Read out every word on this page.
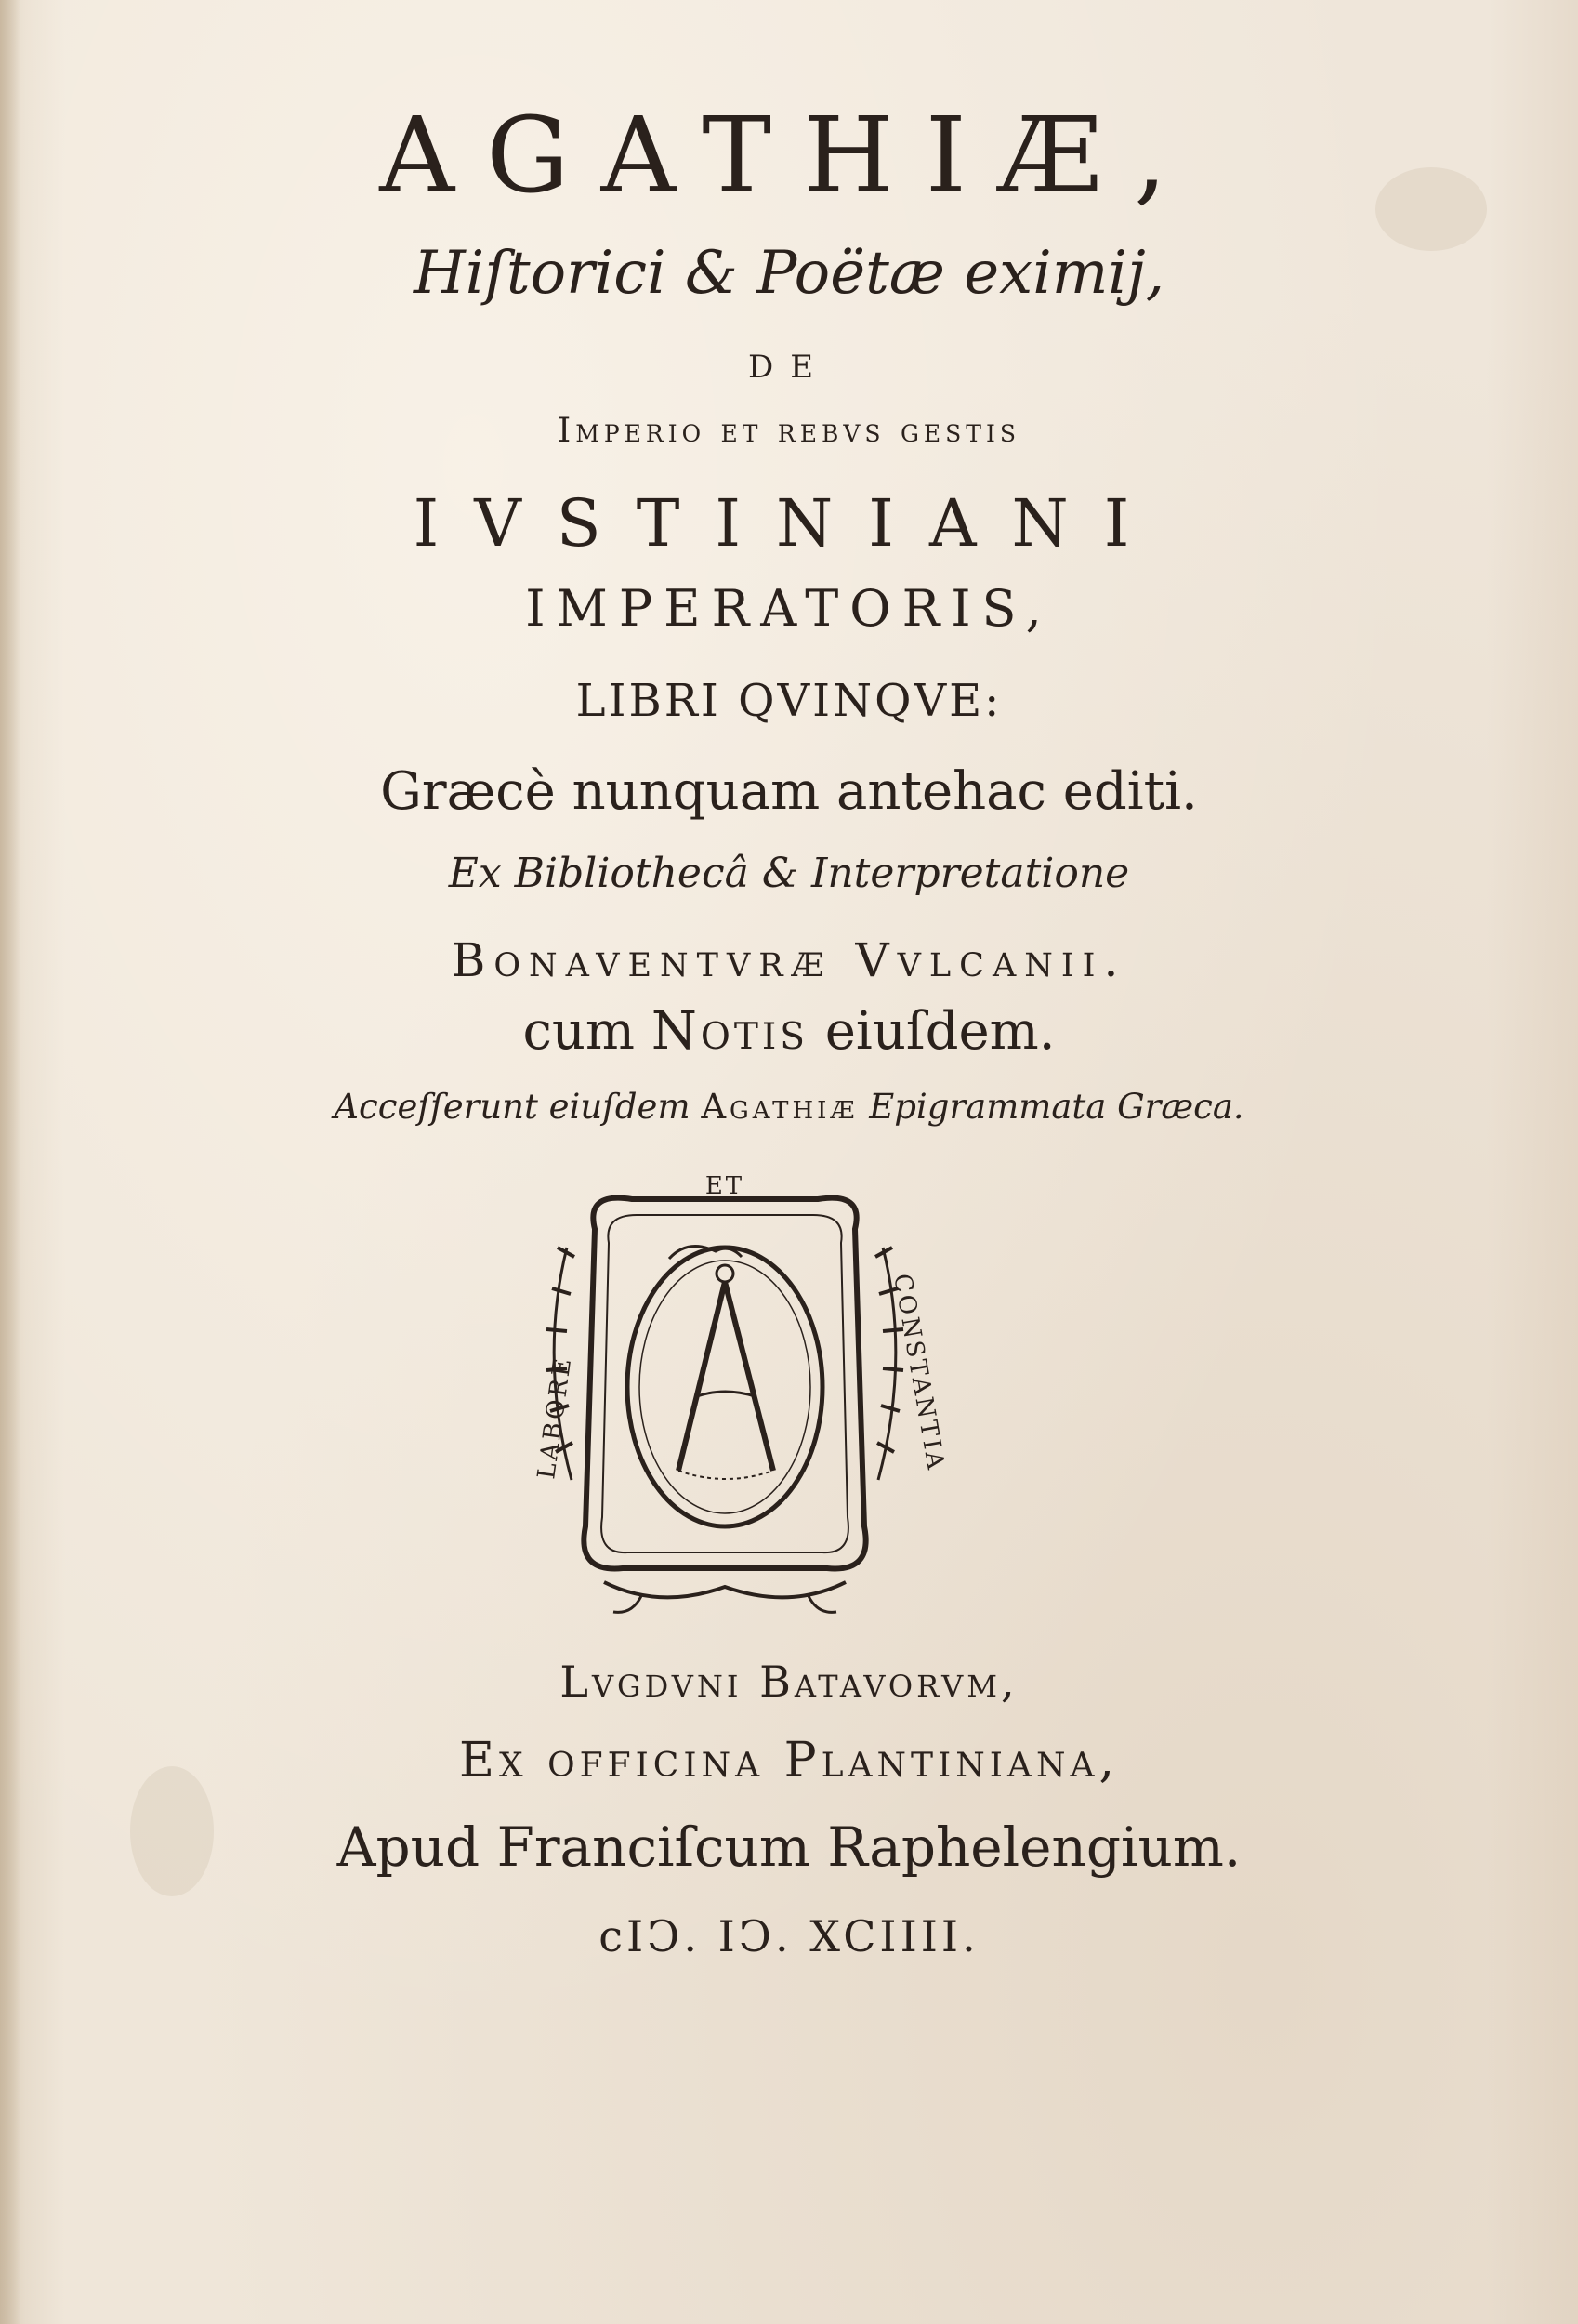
AGATHIÆ,
Hiſtorici & Poëtæ eximij,
DE
Imperio et rebvs gestis
IVSTINIANI
IMPERATORIS,
LIBRI QVINQVE:
Græcè nunquam antehac editi.
Ex Bibliothecâ & Interpretatione
Bonaventvræ Vvlcanii.
cum Notis eiuſdem.
Acceſſerunt eiuſdem Agathiæ Epigrammata Græca.
ET
LABORE	CONSTANTIA
Lvgdvni Batavorvm,
Ex officina Plantiniana,
Apud Franciſcum Raphelengium.
cIↃ. IↃ. XCIIII.
